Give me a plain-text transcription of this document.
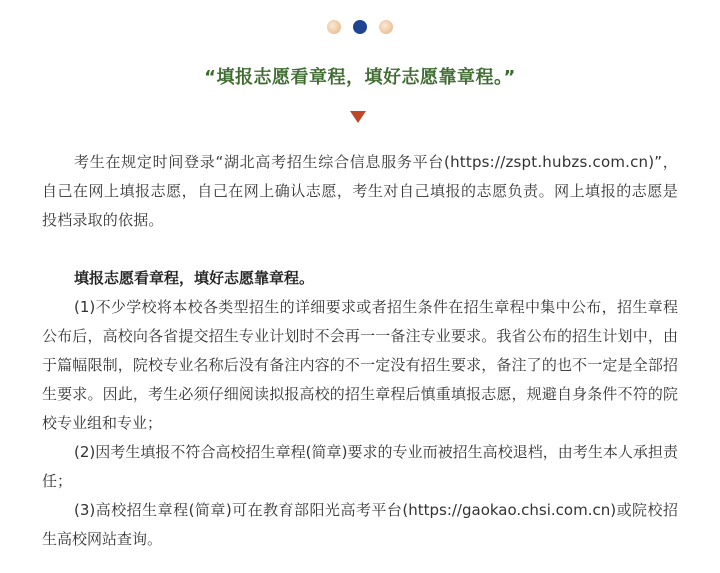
“填报志愿看章程，填好志愿靠章程。”

考生在规定时间登录“湖北高考招生综合信息服务平台(https://zspt.hubzs.com.cn)”，自己在网上填报志愿，自己在网上确认志愿，考生对自己填报的志愿负责。网上填报的志愿是投档录取的依据。

填报志愿看章程，填好志愿靠章程。

(1)不少学校将本校各类型招生的详细要求或者招生条件在招生章程中集中公布，招生章程公布后，高校向各省提交招生专业计划时不会再一一备注专业要求。我省公布的招生计划中，由于篇幅限制，院校专业名称后没有备注内容的不一定没有招生要求，备注了的也不一定是全部招生要求。因此，考生必须仔细阅读拟报高校的招生章程后慎重填报志愿，规避自身条件不符的院校专业组和专业；

(2)因考生填报不符合高校招生章程(简章)要求的专业而被招生高校退档，由考生本人承担责任；

(3)高校招生章程(简章)可在教育部阳光高考平台(https://gaokao.chsi.com.cn)或院校招生高校网站查询。
